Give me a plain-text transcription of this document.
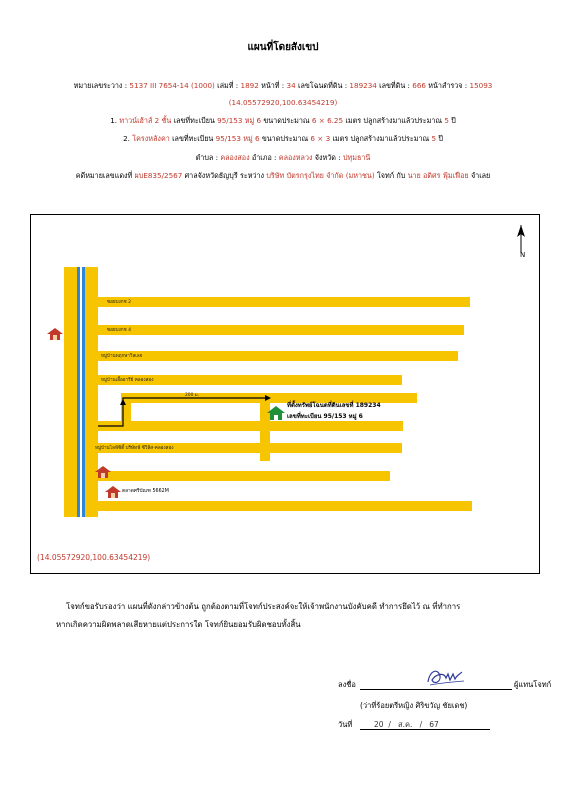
แผนที่โดยสังเขป
หมายเลขระวาง : 5137 III 7654-14 (1000) เล่มที่ : 1892 หน้าที่ : 34 เลขโฉนดที่ดิน : 189234 เลขที่ดิน : 666 หน้าสำรวจ : 15093
(14.05572920,100.63454219)
1. ทาวน์เฮ้าส์ 2 ชั้น เลขที่ทะเบียน 95/153 หมู่ 6 ขนาดประมาณ 6 × 6.25 เมตร ปลูกสร้างมาแล้วประมาณ 5 ปี
2. โครงหลังคา เลขที่ทะเบียน 95/153 หมู่ 6 ขนาดประมาณ 6 × 3 เมตร ปลูกสร้างมาแล้วประมาณ 5 ปี
ตำบล : คลองสอง อำเภอ : คลองหลวง จังหวัด : ปทุมธานี
คดีหมายเลขแดงที่ ผบE835/2567 ศาลจังหวัดธัญบุรี ระหว่าง บริษัท บัตรกรุงไทย จำกัด (มหาชน) โจทก์ กับ นาย อดิศร ฟุ้มเฟือย จำเลย
N
ซอยบงกช 2
ซอยบงกช 4
หมู่บ้านพฤกษาวิลเลจ
หมู่บ้านเอื้ออารีย์ คลองสอง
หมู่บ้านไลฟ์ซิตี้ บริษัทฟ์ ซีวิลิส-คลองสอง
200 ม.
ที่ตั้งทรัพย์โฉนดที่ดินเลขที่ 189234
เลขที่ทะเบียน 95/153 หมู่ 6
ตลาดศรีบัณฑ 5662M
(14.05572920,100.63454219)
โจทก์ขอรับรองว่า แผนที่ดังกล่าวข้างต้น ถูกต้องตามที่โจทก์ประสงค์จะให้เจ้าพนักงานบังคับคดี ทำการยึดไว้ ณ ที่ทำการ
หากเกิดความผิดพลาดเสียหายแต่ประการใด โจทก์ยินยอมรับผิดชอบทั้งสิ้น
ลงชื่อ	ผู้แทนโจทก์
(ว่าที่ร้อยตรีหญิง ศิริขวัญ ชัยเดช)
วันที่	20 / ส.ค. / 67
